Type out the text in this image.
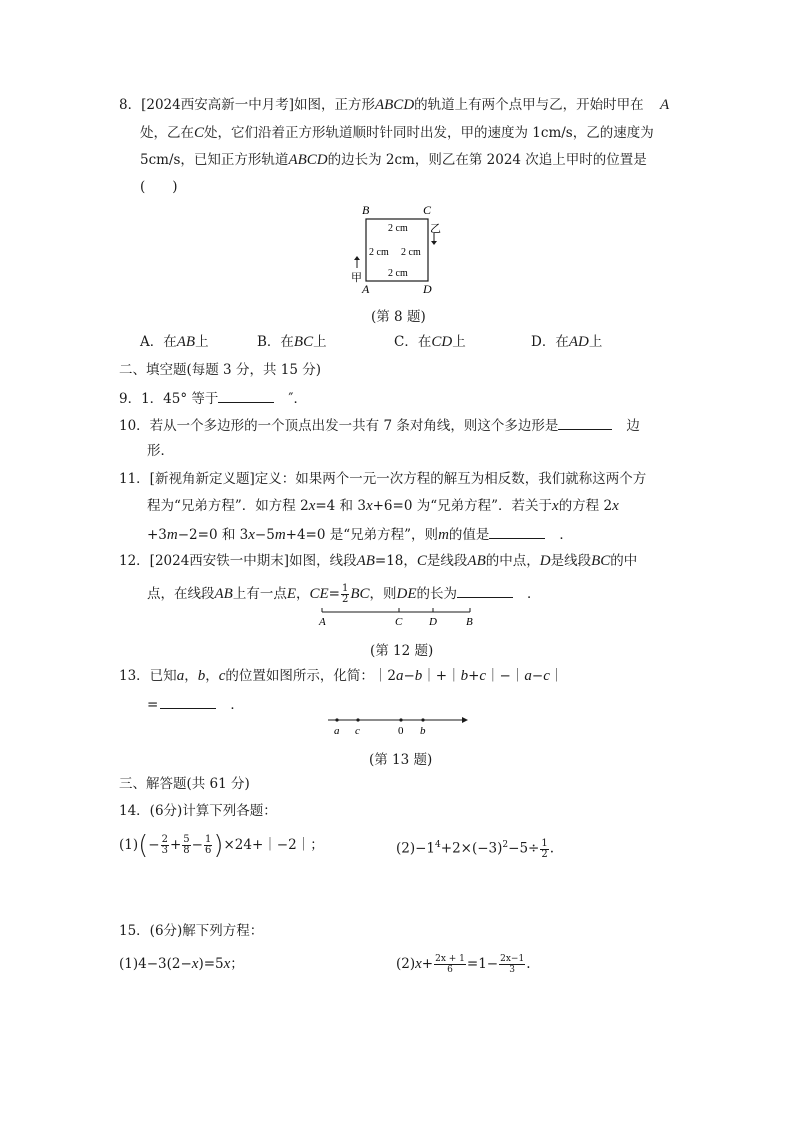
8．[2024西安高新一中月考]如图，正方形ABCD的轨道上有两个点甲与乙，开始时甲在 A
处，乙在C处，它们沿着正方形轨道顺时针同时出发，甲的速度为 1cm/s，乙的速度为
5cm/s，已知正方形轨道ABCD的边长为 2cm，则乙在第 2024 次追上甲时的位置是
(　　)
B	C
A	D
2 cm
2 cm 2 cm
2 cm
乙
甲
(第 8 题)
A．在AB上	B．在BC上	C．在CD上	D．在AD上
二、填空题(每题 3 分，共 15 分)
9．1．45° 等于	″．
10．若从一个多边形的一个顶点出发一共有 7 条对角线，则这个多边形是	边
形．
11．[新视角新定义题]定义：如果两个一元一次方程的解互为相反数，我们就称这两个方
程为“兄弟方程”．如方程 2x=4 和 3x+6=0 为“兄弟方程”．若关于x的方程 2x
+3m−2=0 和 3x−5m+4=0 是“兄弟方程”，则m的值是	．
12．[2024西安铁一中期末]如图，线段AB=18，C是线段AB的中点，D是线段BC的中
点，在线段AB上有一点E，$CE= \frac{1}{2}$ BC，则DE的长为	．
A	C D	B
(第 12 题)
13．已知a，b，c的位置如图所示，化简：｜2a−b｜+｜b+c｜−｜a−c｜
=	．
a c	0 b
(第 13 题)
三、解答题(共 61 分)
14．(6分)计算下列各题：
$(1)(- \frac{2}{3} + \frac{5}{8} - \frac{1}{6}$ )×24+｜−2｜；	$(2)-1^4+2\times(-3)^2-5\div \frac{1}{2}$ .
15．(6分)解下列方程：
(1)4−3(2−x)=5x；	$(2)x+ \frac{2x + 1}{6} =1- \frac{2x-1}{3}$ .
